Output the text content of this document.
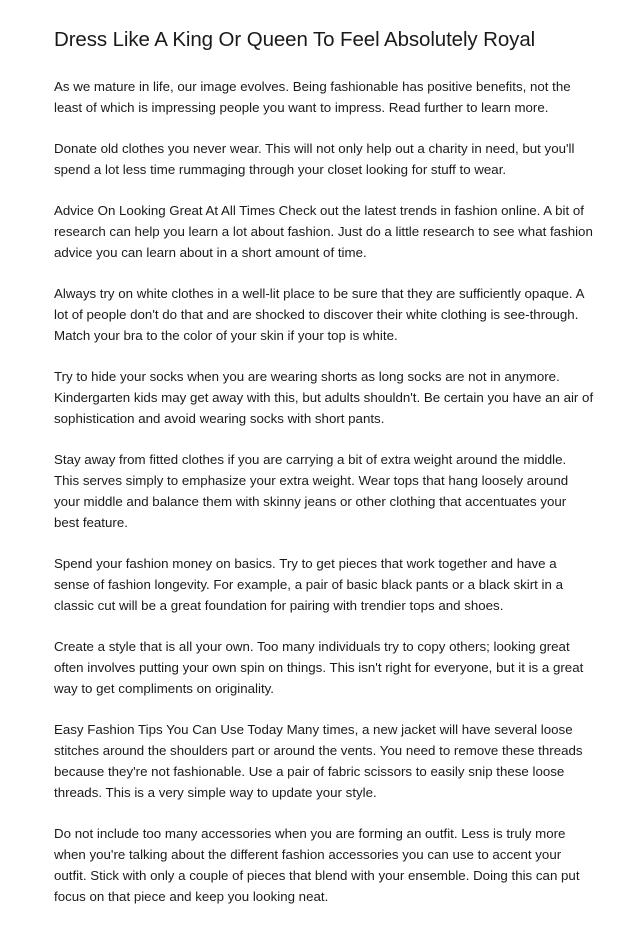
Dress Like A King Or Queen To Feel Absolutely Royal

As we mature in life, our image evolves. Being fashionable has positive benefits, not the least of which is impressing people you want to impress. Read further to learn more.

Donate old clothes you never wear. This will not only help out a charity in need, but you'll spend a lot less time rummaging through your closet looking for stuff to wear.

Advice On Looking Great At All Times Check out the latest trends in fashion online. A bit of research can help you learn a lot about fashion. Just do a little research to see what fashion advice you can learn about in a short amount of time.

Always try on white clothes in a well-lit place to be sure that they are sufficiently opaque. A lot of people don't do that and are shocked to discover their white clothing is see-through. Match your bra to the color of your skin if your top is white.

Try to hide your socks when you are wearing shorts as long socks are not in anymore. Kindergarten kids may get away with this, but adults shouldn't. Be certain you have an air of sophistication and avoid wearing socks with short pants.

Stay away from fitted clothes if you are carrying a bit of extra weight around the middle. This serves simply to emphasize your extra weight. Wear tops that hang loosely around your middle and balance them with skinny jeans or other clothing that accentuates your best feature.

Spend your fashion money on basics. Try to get pieces that work together and have a sense of fashion longevity. For example, a pair of basic black pants or a black skirt in a classic cut will be a great foundation for pairing with trendier tops and shoes.

Create a style that is all your own. Too many individuals try to copy others; looking great often involves putting your own spin on things. This isn't right for everyone, but it is a great way to get compliments on originality.

Easy Fashion Tips You Can Use Today Many times, a new jacket will have several loose stitches around the shoulders part or around the vents. You need to remove these threads because they're not fashionable. Use a pair of fabric scissors to easily snip these loose threads. This is a very simple way to update your style.

Do not include too many accessories when you are forming an outfit. Less is truly more when you're talking about the different fashion accessories you can use to accent your outfit. Stick with only a couple of pieces that blend with your ensemble. Doing this can put focus on that piece and keep you looking neat.
